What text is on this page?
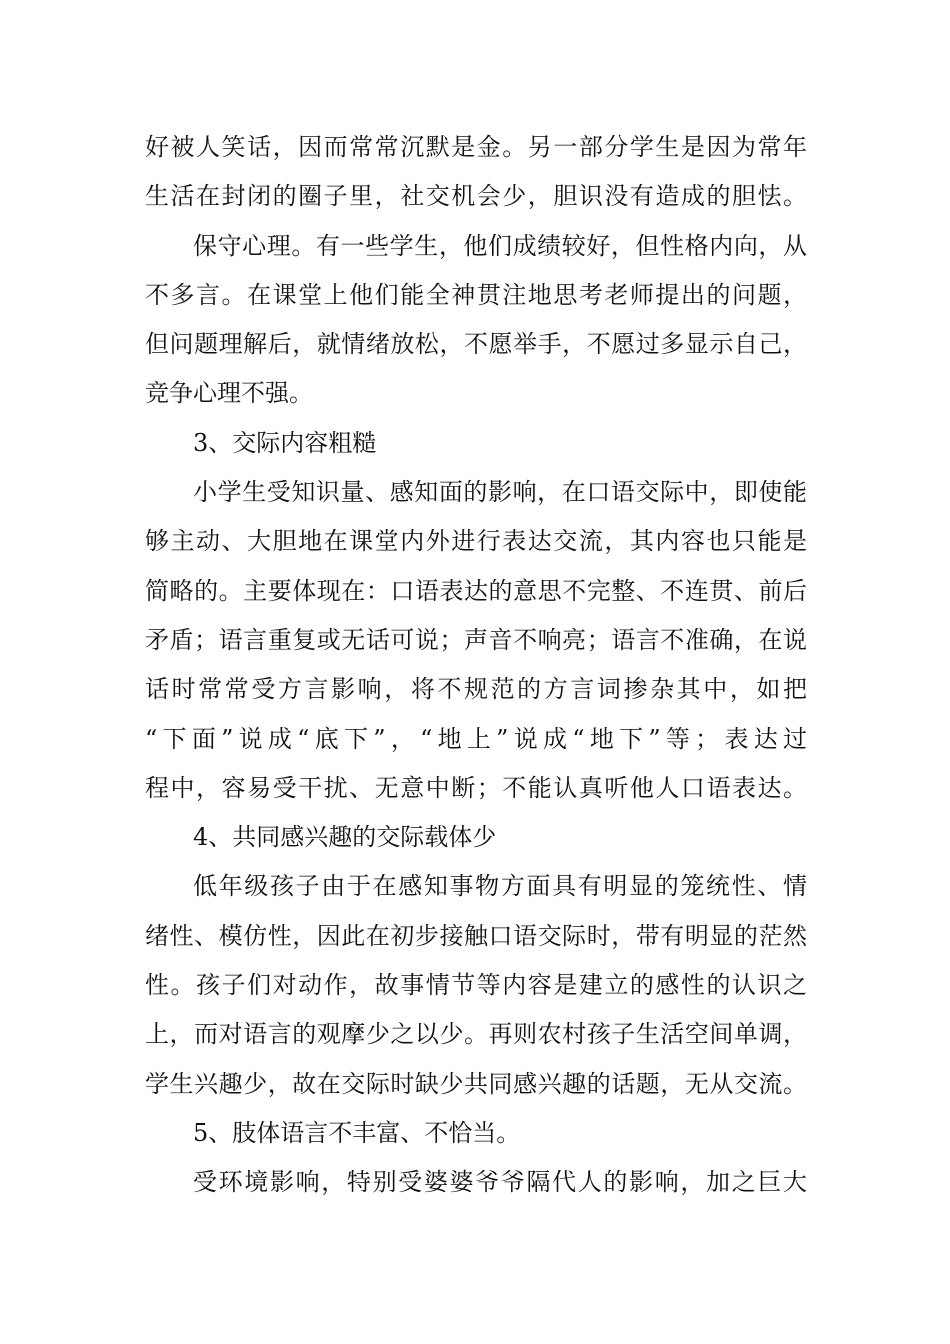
好被人笑话，因而常常沉默是金。另一部分学生是因为常年
生活在封闭的圈子里，社交机会少，胆识没有造成的胆怯。
保守心理。有一些学生，他们成绩较好，但性格内向，从
不多言。在课堂上他们能全神贯注地思考老师提出的问题，
但问题理解后，就情绪放松，不愿举手，不愿过多显示自己，
竞争心理不强。
3、交际内容粗糙
小学生受知识量、感知面的影响，在口语交际中，即使能
够主动、大胆地在课堂内外进行表达交流，其内容也只能是
简略的。主要体现在：口语表达的意思不完整、不连贯、前后
矛盾；语言重复或无话可说；声音不响亮；语言不准确，在说
话时常常受方言影响，将不规范的方言词掺杂其中，如把
“下面”说成“底下”，“地上”说成“地下”等；表达过
程中，容易受干扰、无意中断；不能认真听他人口语表达。
4、共同感兴趣的交际载体少
低年级孩子由于在感知事物方面具有明显的笼统性、情
绪性、模仿性，因此在初步接触口语交际时，带有明显的茫然
性。孩子们对动作，故事情节等内容是建立的感性的认识之
上，而对语言的观摩少之以少。再则农村孩子生活空间单调，
学生兴趣少，故在交际时缺少共同感兴趣的话题，无从交流。
5、肢体语言不丰富、不恰当。
受环境影响，特别受婆婆爷爷隔代人的影响，加之巨大
